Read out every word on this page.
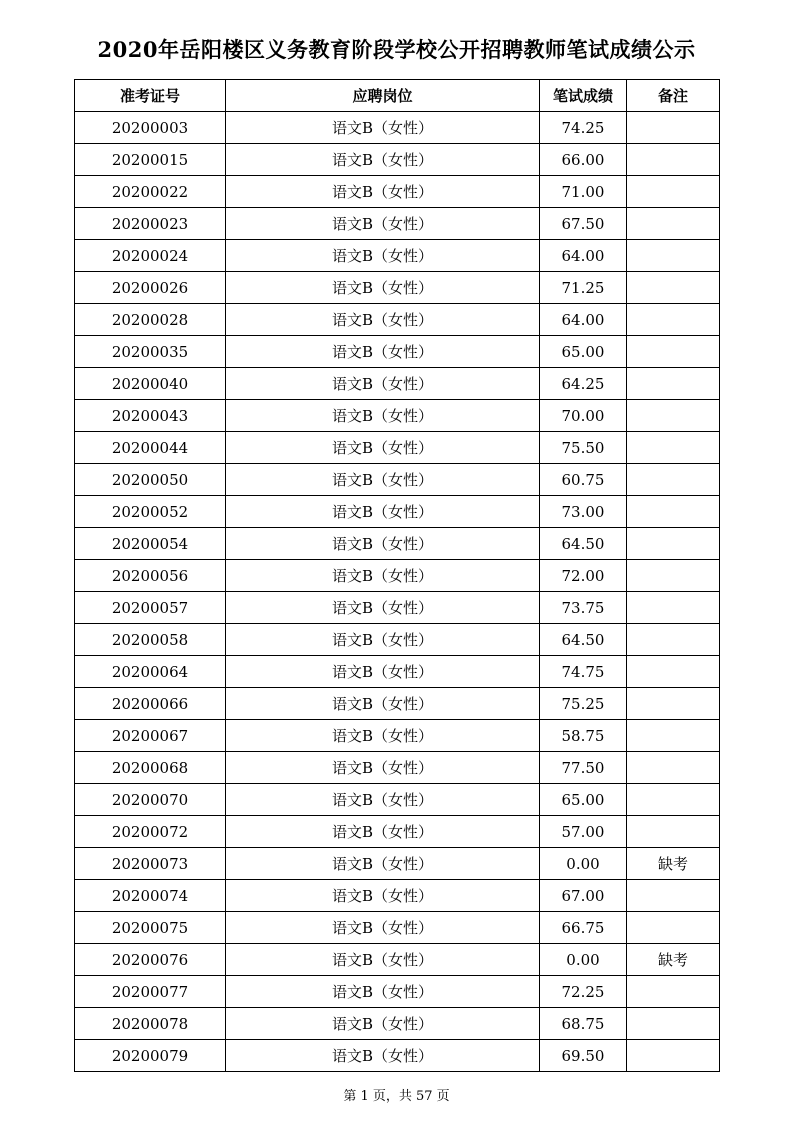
2020年岳阳楼区义务教育阶段学校公开招聘教师笔试成绩公示
准考证号	应聘岗位	笔试成绩	备注
20200003	语文B（女性）	74.25	
20200015	语文B（女性）	66.00	
20200022	语文B（女性）	71.00	
20200023	语文B（女性）	67.50	
20200024	语文B（女性）	64.00	
20200026	语文B（女性）	71.25	
20200028	语文B（女性）	64.00	
20200035	语文B（女性）	65.00	
20200040	语文B（女性）	64.25	
20200043	语文B（女性）	70.00	
20200044	语文B（女性）	75.50	
20200050	语文B（女性）	60.75	
20200052	语文B（女性）	73.00	
20200054	语文B（女性）	64.50	
20200056	语文B（女性）	72.00	
20200057	语文B（女性）	73.75	
20200058	语文B（女性）	64.50	
20200064	语文B（女性）	74.75	
20200066	语文B（女性）	75.25	
20200067	语文B（女性）	58.75	
20200068	语文B（女性）	77.50	
20200070	语文B（女性）	65.00	
20200072	语文B（女性）	57.00	
20200073	语文B（女性）	0.00	缺考
20200074	语文B（女性）	67.00	
20200075	语文B（女性）	66.75	
20200076	语文B（女性）	0.00	缺考
20200077	语文B（女性）	72.25	
20200078	语文B（女性）	68.75	
20200079	语文B（女性）	69.50	
第 1 页，共 57 页
